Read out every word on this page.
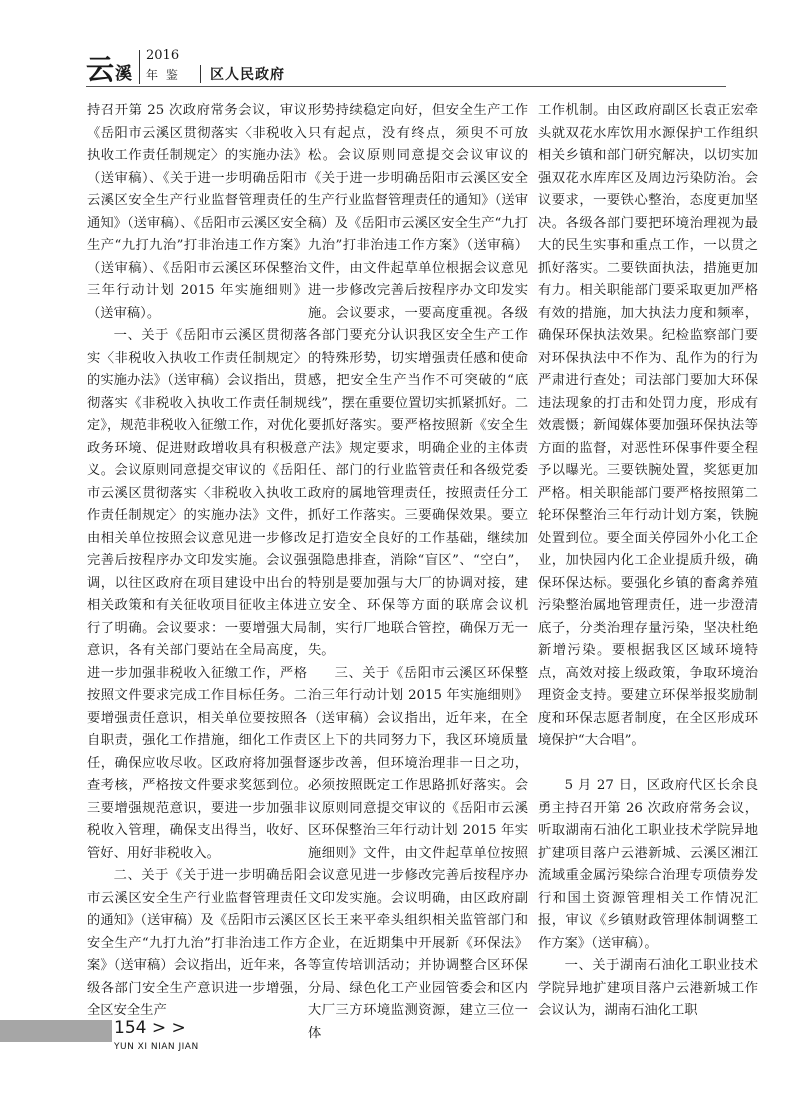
云溪
2016
年 鉴 区人民政府

持召开第 25 次政府常务会议，审议《岳阳市云溪区贯彻落实〈非税收入执收工作责任制规定〉的实施办法》（送审稿）、《关于进一步明确岳阳市云溪区安全生产行业监督管理责任的通知》（送审稿）、《岳阳市云溪区安全生产“九打九治”打非治违工作方案》（送审稿）、《岳阳市云溪区环保整治三年行动计划 2015 年实施细则》（送审稿）。

一、关于《岳阳市云溪区贯彻落实〈非税收入执收工作责任制规定〉的实施办法》（送审稿）会议指出，贯彻落实《非税收入执收工作责任制规定》，规范非税收入征缴工作，对优化政务环境、促进财政增收具有积极意义。会议原则同意提交审议的《岳阳市云溪区贯彻落实〈非税收入执收工作责任制规定〉的实施办法》文件，由相关单位按照会议意见进一步修改完善后按程序办文印发实施。会议强调，以往区政府在项目建设中出台的相关政策和有关征收项目征收主体进行了明确。会议要求：一要增强大局意识，各有关部门要站在全局高度，进一步加强非税收入征缴工作，严格按照文件要求完成工作目标任务。二要增强责任意识，相关单位要按照各自职责，强化工作措施，细化工作责任，确保应收尽收。区政府将加强督查考核，严格按文件要求奖惩到位。三要增强规范意识，要进一步加强非税收入管理，确保支出得当，收好、管好、用好非税收入。

二、关于《关于进一步明确岳阳市云溪区安全生产行业监督管理责任的通知》（送审稿）及《岳阳市云溪区安全生产“九打九治”打非治违工作方案》（送审稿）会议指出，近年来，各级各部门安全生产意识进一步增强，全区安全生产

形势持续稳定向好，但安全生产工作只有起点，没有终点，须臾不可放松。会议原则同意提交会议审议的《关于进一步明确岳阳市云溪区安全生产行业监督管理责任的通知》（送审稿）及《岳阳市云溪区安全生产“九打九治”打非治违工作方案》（送审稿）文件，由文件起草单位根据会议意见进一步修改完善后按程序办文印发实施。会议要求，一要高度重视。各级各部门要充分认识我区安全生产工作的特殊形势，切实增强责任感和使命感，把安全生产当作不可突破的“底线”，摆在重要位置切实抓紧抓好。二要抓好落实。要严格按照新《安全生产法》规定要求，明确企业的主体责任、部门的行业监管责任和各级党委政府的属地管理责任，按照责任分工抓好工作落实。三要确保效果。要立足打造安全良好的工作基础，继续加强隐患排查，消除“盲区”、“空白”，特别是要加强与大厂的协调对接，建立安全、环保等方面的联席会议机制，实行厂地联合管控，确保万无一失。

三、关于《岳阳市云溪区环保整治三年行动计划 2015 年实施细则》（送审稿）会议指出，近年来，在全区上下的共同努力下，我区环境质量逐步改善，但环境治理非一日之功，必须按照既定工作思路抓好落实。会议原则同意提交审议的《岳阳市云溪区环保整治三年行动计划 2015 年实施细则》文件，由文件起草单位按照会议意见进一步修改完善后按程序办文印发实施。会议明确，由区政府副区长王来平牵头组织相关监管部门和企业，在近期集中开展新《环保法》等宣传培训活动；并协调整合区环保分局、绿色化工产业园管委会和区内大厂三方环境监测资源，建立三位一体

工作机制。由区政府副区长袁正宏牵头就双花水库饮用水源保护工作组织相关乡镇和部门研究解决，以切实加强双花水库库区及周边污染防治。会议要求，一要铁心整治，态度更加坚决。各级各部门要把环境治理视为最大的民生实事和重点工作，一以贯之抓好落实。二要铁面执法，措施更加有力。相关职能部门要采取更加严格有效的措施，加大执法力度和频率，确保环保执法效果。纪检监察部门要对环保执法中不作为、乱作为的行为严肃进行查处；司法部门要加大环保违法现象的打击和处罚力度，形成有效震慑；新闻媒体要加强环保执法等方面的监督，对恶性环保事件要全程予以曝光。三要铁腕处置，奖惩更加严格。相关职能部门要严格按照第二轮环保整治三年行动计划方案，铁腕处置到位。要全面关停园外小化工企业，加快园内化工企业提质升级，确保环保达标。要强化乡镇的畜禽养殖污染整治属地管理责任，进一步澄清底子，分类治理存量污染，坚决杜绝新增污染。要根据我区区域环境特点，高效对接上级政策，争取环境治理资金支持。要建立环保举报奖励制度和环保志愿者制度，在全区形成环境保护“大合唱”。

5 月 27 日，区政府代区长余良勇主持召开第 26 次政府常务会议，听取湖南石油化工职业技术学院异地扩建项目落户云港新城、云溪区湘江流域重金属污染综合治理专项债券发行和国土资源管理相关工作情况汇报，审议《乡镇财政管理体制调整工作方案》（送审稿）。

一、关于湖南石油化工职业技术学院异地扩建项目落户云港新城工作 会议认为，湖南石油化工职

154 > >
YUN XI NIAN JIAN
